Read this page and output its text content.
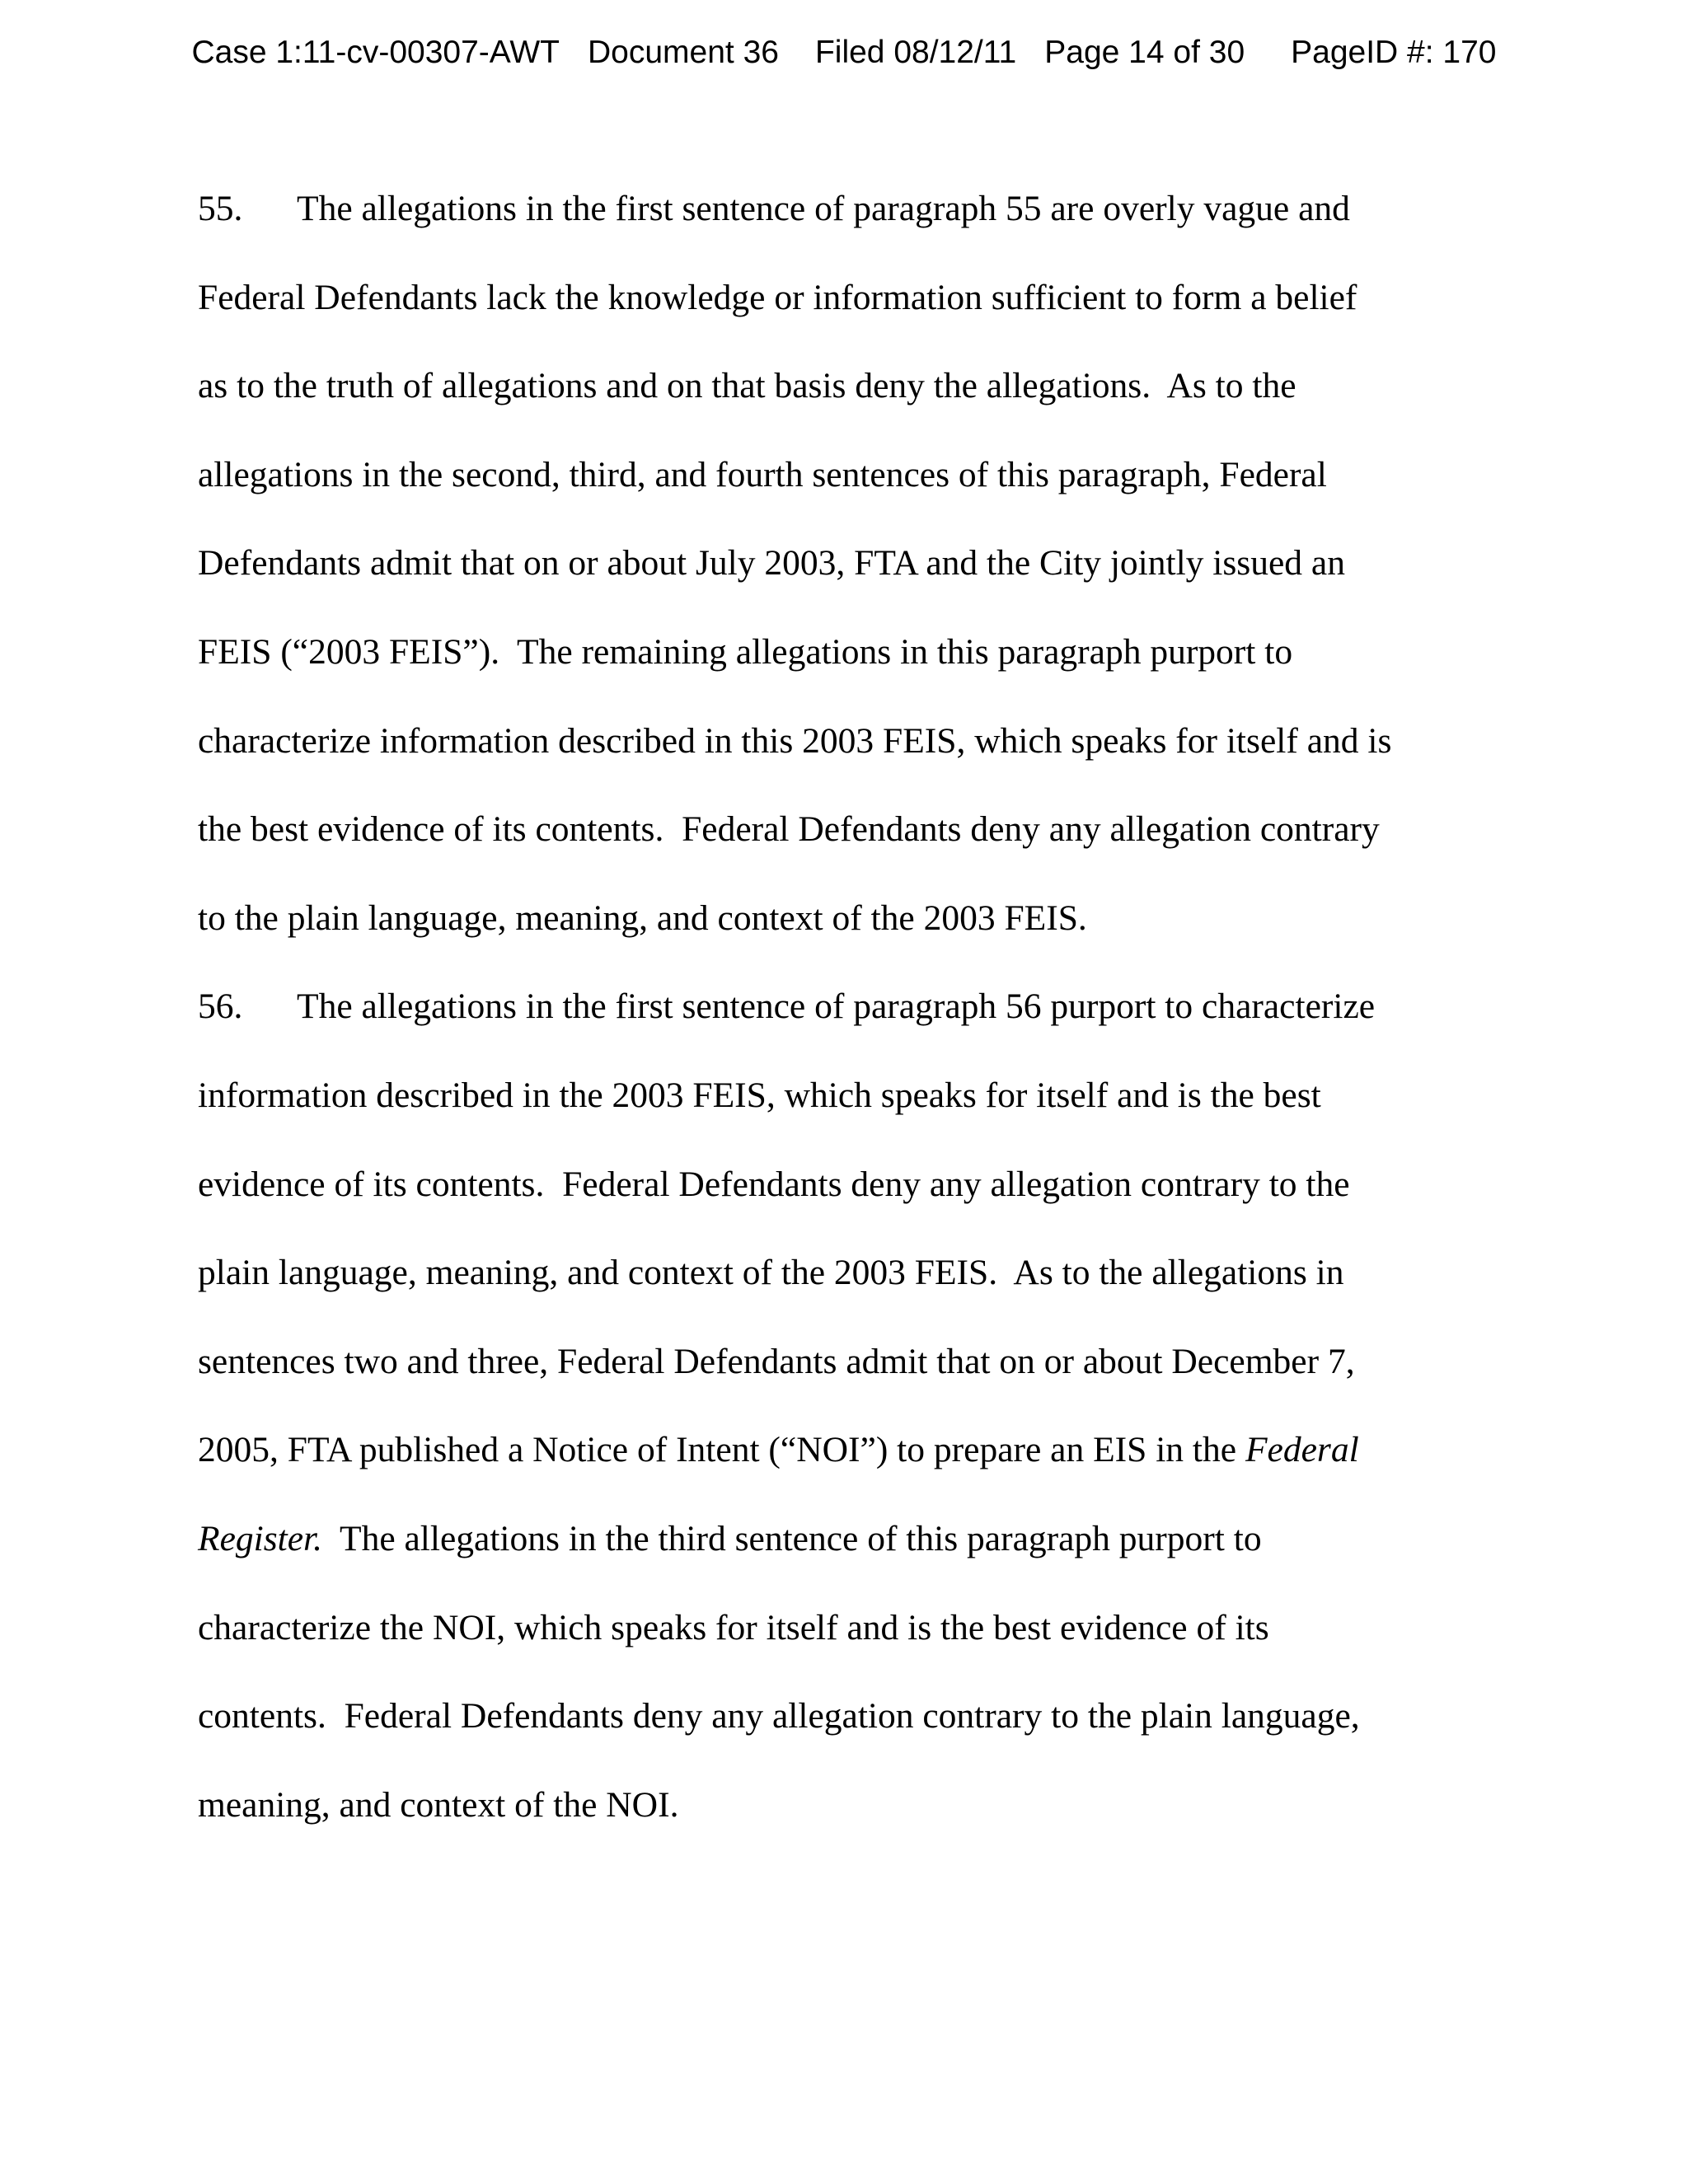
Case 1:11-cv-00307-AWT Document 36 Filed 08/12/11 Page 14 of 30 PageID #: 170
55. The allegations in the first sentence of paragraph 55 are overly vague and
Federal Defendants lack the knowledge or information sufficient to form a belief
as to the truth of allegations and on that basis deny the allegations.  As to the
allegations in the second, third, and fourth sentences of this paragraph, Federal
Defendants admit that on or about July 2003, FTA and the City jointly issued an
FEIS (“2003 FEIS”).  The remaining allegations in this paragraph purport to
characterize information described in this 2003 FEIS, which speaks for itself and is
the best evidence of its contents.  Federal Defendants deny any allegation contrary
to the plain language, meaning, and context of the 2003 FEIS.
56. The allegations in the first sentence of paragraph 56 purport to characterize
information described in the 2003 FEIS, which speaks for itself and is the best
evidence of its contents.  Federal Defendants deny any allegation contrary to the
plain language, meaning, and context of the 2003 FEIS.  As to the allegations in
sentences two and three, Federal Defendants admit that on or about December 7,
2005, FTA published a Notice of Intent (“NOI”) to prepare an EIS in the Federal
Register.  The allegations in the third sentence of this paragraph purport to
characterize the NOI, which speaks for itself and is the best evidence of its
contents.  Federal Defendants deny any allegation contrary to the plain language,
meaning, and context of the NOI.
